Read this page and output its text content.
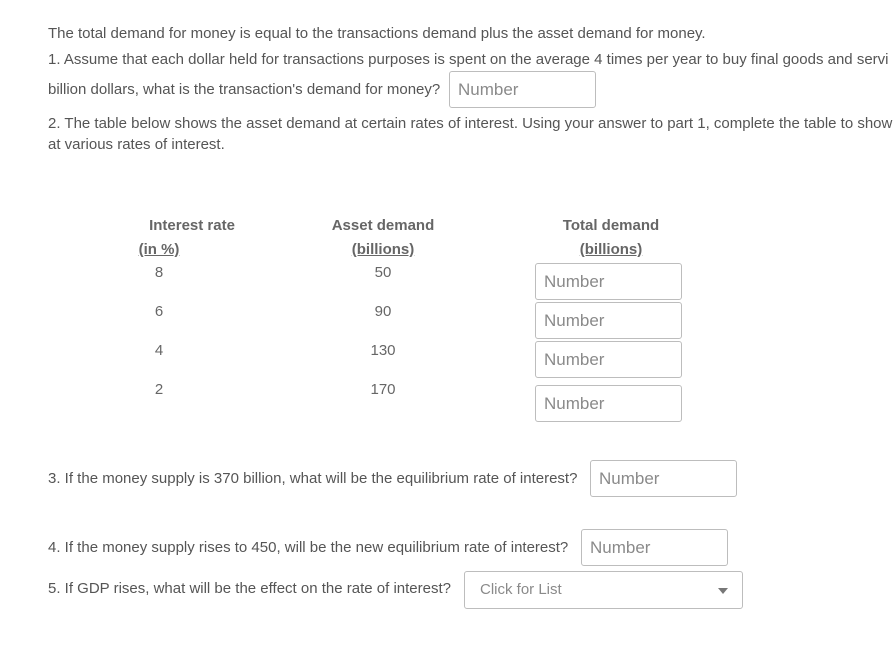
The total demand for money is equal to the transactions demand plus the asset demand for money.
1. Assume that each dollar held for transactions purposes is spent on the average 4 times per year to buy final goods and servi
billion dollars, what is the transaction's demand for money?
Number
2. The table below shows the asset demand at certain rates of interest. Using your answer to part 1, complete the table to show
at various rates of interest.
Interest rate
(in %)
Asset demand
(billions)
Total demand
(billions)
8	50
Number
6	90
Number
4	130
Number
2	170
Number
3. If the money supply is 370 billion, what will be the equilibrium rate of interest?
Number
4. If the money supply rises to 450, will be the new equilibrium rate of interest?
Number
5. If GDP rises, what will be the effect on the rate of interest? Click for List
